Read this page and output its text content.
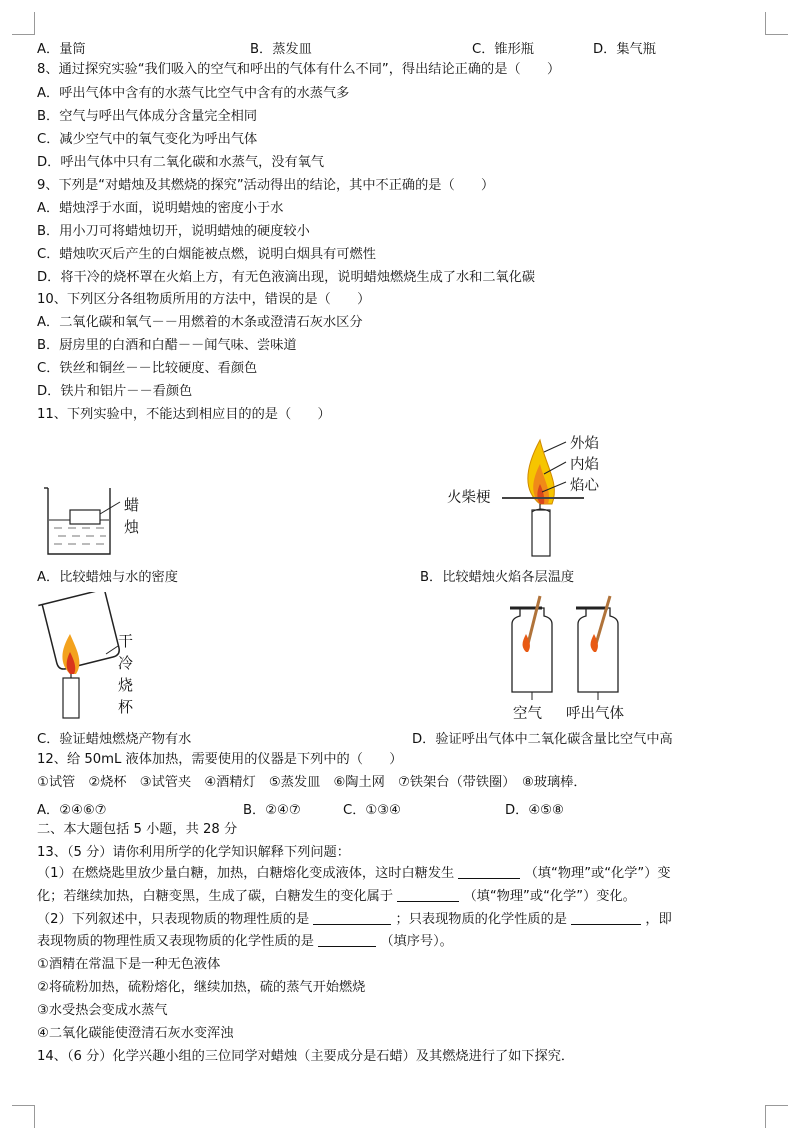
A．量筒	B．蒸发皿	C．锥形瓶	D．集气瓶
8、通过探究实验“我们吸入的空气和呼出的气体有什么不同”，得出结论正确的是（　　）
A．呼出气体中含有的水蒸气比空气中含有的水蒸气多
B．空气与呼出气体成分含量完全相同
C．减少空气中的氧气变化为呼出气体
D．呼出气体中只有二氧化碳和水蒸气，没有氧气
9、下列是“对蜡烛及其燃烧的探究”活动得出的结论，其中不正确的是（　　）
A．蜡烛浮于水面，说明蜡烛的密度小于水
B．用小刀可将蜡烛切开，说明蜡烛的硬度较小
C．蜡烛吹灭后产生的白烟能被点燃，说明白烟具有可燃性
D．将干冷的烧杯罩在火焰上方，有无色液滴出现，说明蜡烛燃烧生成了水和二氧化碳
10、下列区分各组物质所用的方法中，错误的是（　　）
A．二氧化碳和氧气－－用燃着的木条或澄清石灰水区分
B．厨房里的白酒和白醋－－闻气味、尝味道
C．铁丝和铜丝－－比较硬度、看颜色
D．铁片和铝片－－看颜色
11、下列实验中，不能达到相应目的的是（　　）
蜡
烛
A．比较蜡烛与水的密度
外焰
内焰
焰心
火柴梗
B．比较蜡烛火焰各层温度
干
冷
烧
杯
C．验证蜡烛燃烧产物有水
空气 呼出气体
D．验证呼出气体中二氧化碳含量比空气中高
12、给 50mL 液体加热，需要使用的仪器是下列中的（　　）
①试管　②烧杯　③试管夹　④酒精灯　⑤蒸发皿　⑥陶土网　⑦铁架台（带铁圈）　⑧玻璃棒．
A．②④⑥⑦	B．②④⑦	C．①③④	D．④⑤⑧
二、本大题包括 5 小题，共 28 分
13、（5 分）请你利用所学的化学知识解释下列问题：
（1）在燃烧匙里放少量白糖，加热，白糖熔化变成液体，这时白糖发生	（填“物理”或“化学”）变
化；若继续加热，白糖变黑，生成了碳，白糖发生的变化属于	（填“物理”或“化学”）变化。
（2）下列叙述中，只表现物质的物理性质的是	；只表现物质的化学性质的是	，即
表现物质的物理性质又表现物质的化学性质的是	（填序号）。
①酒精在常温下是一种无色液体
②将硫粉加热，硫粉熔化，继续加热，硫的蒸气开始燃烧
③水受热会变成水蒸气
④二氧化碳能使澄清石灰水变浑浊
14、（6 分）化学兴趣小组的三位同学对蜡烛（主要成分是石蜡）及其燃烧进行了如下探究．
